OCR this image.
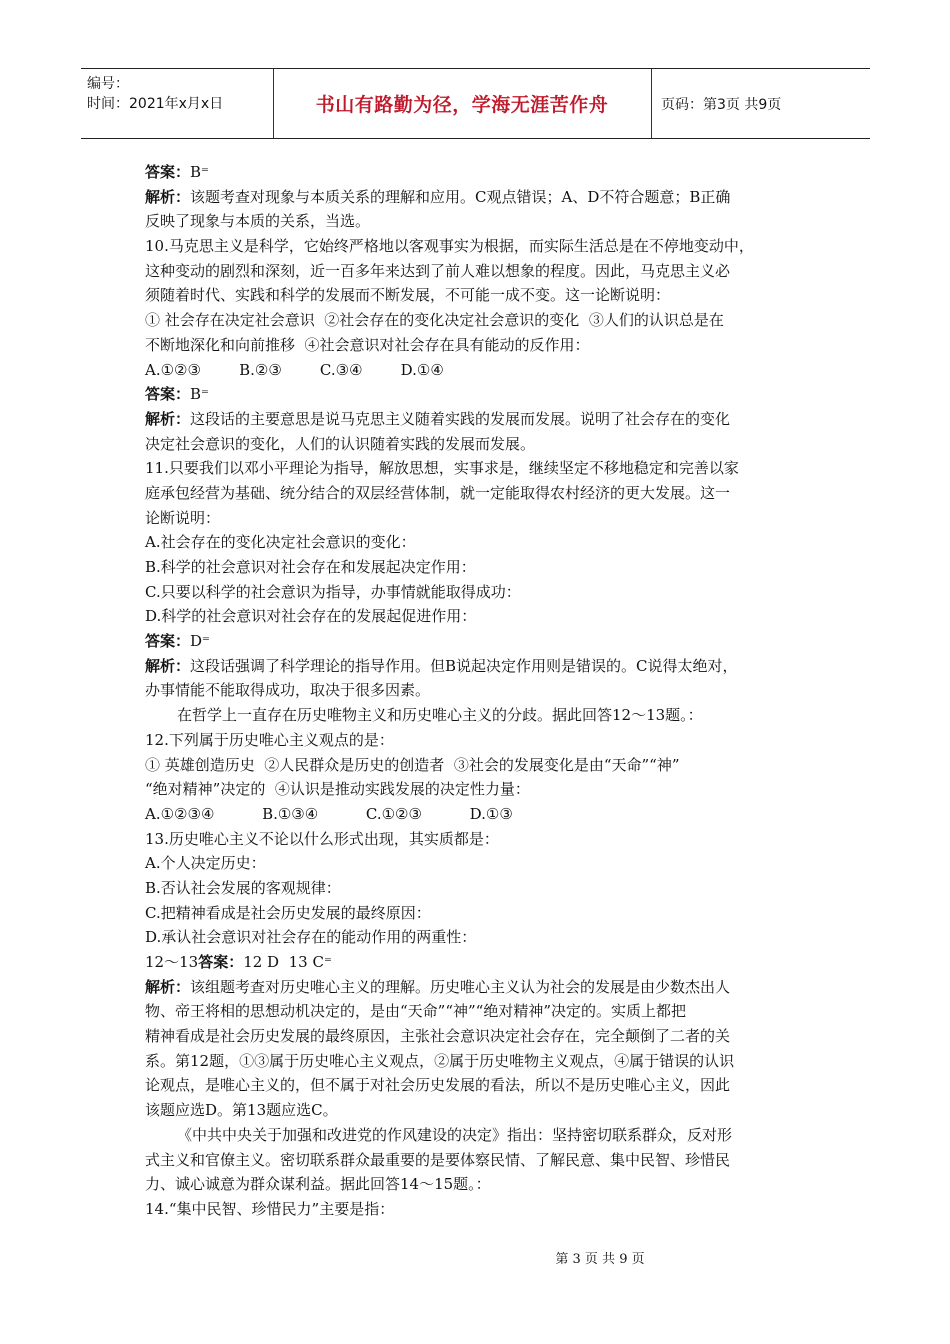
编号：
时间：2021年x月x日	书山有路勤为径，学海无涯苦作舟	页码：第3页 共9页
答案：B⁼
解析：该题考查对现象与本质关系的理解和应用。C观点错误；A、D不符合题意；B正确
反映了现象与本质的关系，当选。
10.马克思主义是科学，它始终严格地以客观事实为根据，而实际生活总是在不停地变动中，
这种变动的剧烈和深刻，近一百多年来达到了前人难以想象的程度。因此，马克思主义必
须随着时代、实践和科学的发展而不断发展，不可能一成不变。这一论断说明：
① 社会存在决定社会意识  ②社会存在的变化决定社会意识的变化  ③人们的认识总是在
不断地深化和向前推移  ④社会意识对社会存在具有能动的反作用：
A.①②③        B.②③        C.③④        D.①④
答案：B⁼
解析：这段话的主要意思是说马克思主义随着实践的发展而发展。说明了社会存在的变化
决定社会意识的变化，人们的认识随着实践的发展而发展。
11.只要我们以邓小平理论为指导，解放思想，实事求是，继续坚定不移地稳定和完善以家
庭承包经营为基础、统分结合的双层经营体制，就一定能取得农村经济的更大发展。这一
论断说明：
A.社会存在的变化决定社会意识的变化：
B.科学的社会意识对社会存在和发展起决定作用：
C.只要以科学的社会意识为指导，办事情就能取得成功：
D.科学的社会意识对社会存在的发展起促进作用：
答案：D⁼
解析：这段话强调了科学理论的指导作用。但B说起决定作用则是错误的。C说得太绝对，
办事情能不能取得成功，取决于很多因素。
在哲学上一直存在历史唯物主义和历史唯心主义的分歧。据此回答12～13题。：
12.下列属于历史唯心主义观点的是：
① 英雄创造历史  ②人民群众是历史的创造者  ③社会的发展变化是由“天命”“神”
“绝对精神”决定的  ④认识是推动实践发展的决定性力量：
A.①②③④          B.①③④          C.①②③          D.①③
13.历史唯心主义不论以什么形式出现，其实质都是：
A.个人决定历史：
B.否认社会发展的客观规律：
C.把精神看成是社会历史发展的最终原因：
D.承认社会意识对社会存在的能动作用的两重性：
12～13答案：12 D  13 C⁼
解析：该组题考查对历史唯心主义的理解。历史唯心主义认为社会的发展是由少数杰出人
物、帝王将相的思想动机决定的，是由“天命”“神”“绝对精神”决定的。实质上都把
精神看成是社会历史发展的最终原因，主张社会意识决定社会存在，完全颠倒了二者的关
系。第12题，①③属于历史唯心主义观点，②属于历史唯物主义观点，④属于错误的认识
论观点，是唯心主义的，但不属于对社会历史发展的看法，所以不是历史唯心主义，因此
该题应选D。第13题应选C。
《中共中央关于加强和改进党的作风建设的决定》指出：坚持密切联系群众，反对形
式主义和官僚主义。密切联系群众最重要的是要体察民情、了解民意、集中民智、珍惜民
力、诚心诚意为群众谋利益。据此回答14～15题。：
14.“集中民智、珍惜民力”主要是指：
第 3 页 共 9 页
